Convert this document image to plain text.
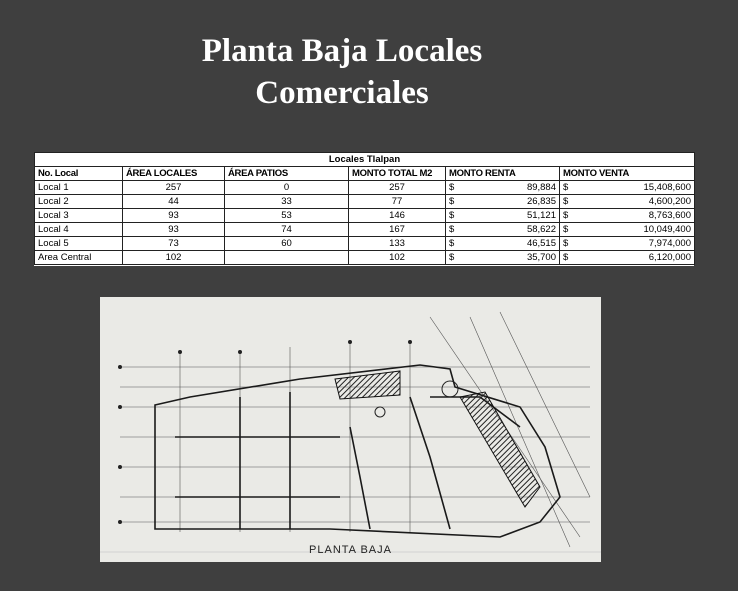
Planta Baja Locales
Comerciales
Locales Tlalpan					
No. Local	ÁREA LOCALES	ÁREA PATIOS	MONTO TOTAL M2	MONTO RENTA	MONTO VENTA
Local 1	257	0	257	$ 89,884	$ 15,408,600

Local 2	44	33	77	$ 26,835	$ 4,600,200

Local 3	93	53	146	$ 51,121	$ 8,763,600

Local 4	93	74	167	$ 58,622	$ 10,049,400

Local 5	73	60	133	$ 46,515	$ 7,974,000

Area Central	102		102	$ 35,700	$ 6,120,000
PLANTA BAJA
